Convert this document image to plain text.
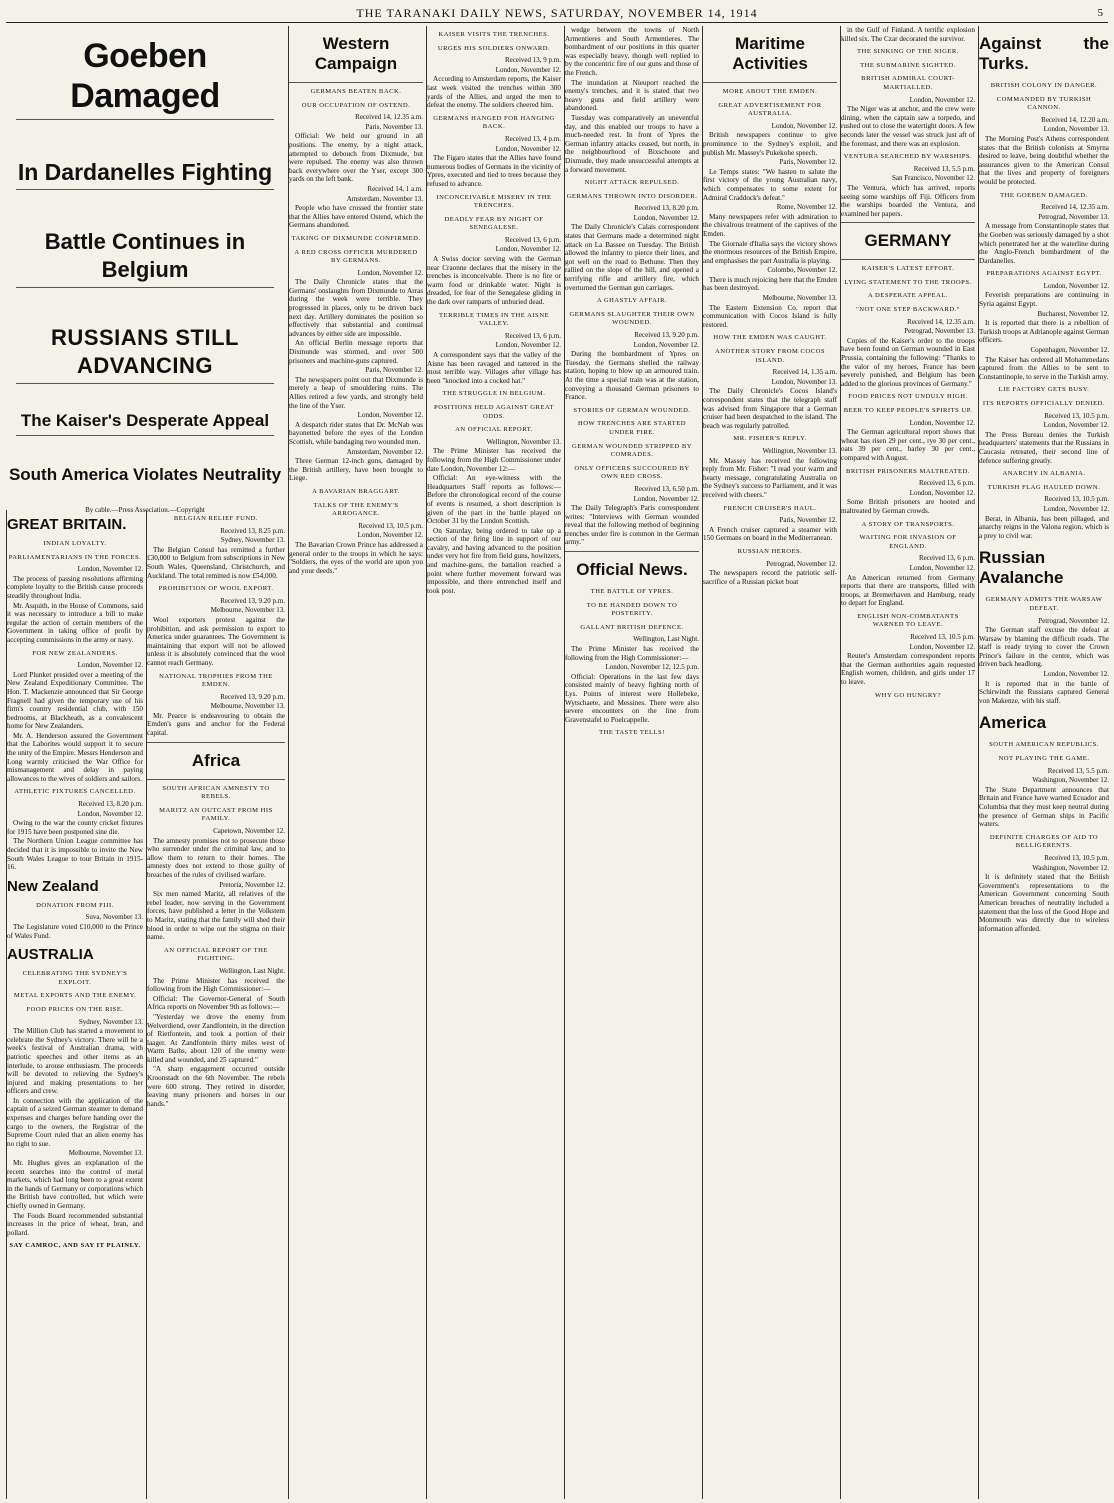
THE TARANAKI DAILY NEWS, SATURDAY, NOVEMBER 14, 1914	5
Goeben Damaged
In Dardanelles Fighting
Battle Continues in Belgium
RUSSIANS STILL ADVANCING
The Kaiser's Desperate Appeal
South America Violates Neutrality
By cable.—Press Association.—Copyright
GREAT BRITAIN.
INDIAN LOYALTY.
PARLIAMENTARIANS IN THE FORCES.

London, November 12.

The process of passing resolutions affirming complete loyalty to the British cause proceeds steadily throughout India.

Mr. Asquith, in the House of Commons, said it was necessary to introduce a bill to make regular the action of certain members of the Government in taking office of profit by accepting commissions in the army or navy.

FOR NEW ZEALANDERS.

London, November 12.

Lord Plunket presided over a meeting of the New Zealand Expeditionary Committee. The Hon. T. Mackenzie announced that Sir George Fragnell had given the temporary use of his firm's country residential club, with 150 bedrooms, at Blackheath, as a convalescent home for New Zealanders.

Mr. A. Henderson assured the Government that the Laborites would support it to secure the unity of the Empire. Messrs Henderson and Long warmly criticised the War Office for mismanagement and delay in paying allowances to the wives of soldiers and sailors.

ATHLETIC FIXTURES CANCELLED.

Received 13, 8.20 p.m.

London, November 12.

Owing to the war the county cricket fixtures for 1915 have been postponed sine die.

The Northern Union League committee has decided that it is impossible to invite the New South Wales League to tour Britain in 1915-16.

New Zealand
DONATION FROM FIJI.

Suva, November 13.

The Legislature voted £10,000 to the Prince of Wales Fund.

AUSTRALIA
CELEBRATING THE SYDNEY'S EXPLOIT.
METAL EXPORTS AND THE ENEMY.
FOOD PRICES ON THE RISE.

Sydney, November 13.

The Million Club has started a movement to celebrate the Sydney's victory. There will be a week's festival of Australian drama, with patriotic speeches and other items as an interlude, to arouse enthusiasm. The proceeds will be devoted to relieving the Sydney's injured and making presentations to her officers and crew.

In connection with the application of the captain of a seized German steamer to demand expenses and charges before handing over the cargo to the owners, the Registrar of the Supreme Court ruled that an alien enemy has no right to sue.

Melbourne, November 13.

Mr. Hughes gives an explanation of the recent searches into the control of metal markets, which had long been to a great extent in the hands of Germany or corporations which the British have controlled, but which were chiefly owned in Germany.

The Foods Board recommended substantial increases in the price of wheat, bran, and pollard.

SAY CAMROC, AND SAY IT PLAINLY.
BELGIAN RELIEF FUND.

Received 13, 8.25 p.m.

Sydney, November 13.

The Belgian Consul has remitted a further £30,000 to Belgium from subscriptions in New South Wales, Queensland, Christchurch, and Auckland. The total remitted is now £54,000.

PROHIBITION OF WOOL EXPORT.

Received 13, 9.20 p.m.

Melbourne, November 13.

Wool exporters protest against the prohibition, and ask permission to export to America under guarantees. The Government is maintaining that export will not be allowed unless it is absolutely convinced that the wool cannot reach Germany.

NATIONAL TROPHIES FROM THE EMDEN.

Received 13, 9.20 p.m.

Melbourne, November 13.

Mr. Pearce is endeavouring to obtain the Emden's guns and anchor for the Federal capital.

Africa
SOUTH AFRICAN AMNESTY TO REBELS.
MARITZ AN OUTCAST FROM HIS FAMILY.

Capetown, November 12.

The amnesty promises not to prosecute those who surrender under the criminal law, and to allow them to return to their homes. The amnesty does not extend to those guilty of breaches of the rules of civilised warfare.

Pretoria, November 12.

Six men named Maritz, all relatives of the rebel leader, now serving in the Government forces, have published a letter in the Volkstem to Maritz, stating that the family will shed their blood in order to wipe out the stigma on their name.

AN OFFICIAL REPORT OF THE FIGHTING.

Wellington, Last Night.

The Prime Minister has received the following from the High Commissioner:—

Official: The Governor-General of South Africa reports on November 9th as follows:—

"Yesterday we drove the enemy from Welverdiend, over Zandfontein, in the direction of Rietfontein, and took a portion of their laager. At Zandfontein thirty miles west of Warm Baths, about 120 of the enemy were killed and wounded, and 25 captured."

"A sharp engagement occurred outside Kroonstadt on the 6th November. The rebels were 600 strong. They retired in disorder, leaving many prisoners and horses in our hands."

Western Campaign
GERMANS BEATEN BACK.
OUR OCCUPATION OF OSTEND.

Received 14, 12.35 a.m.

Paris, November 13.

Official: We held our ground in all positions. The enemy, by a night attack, attempted to debouch from Dixmude, but were repulsed. The enemy was also thrown back everywhere over the Yser, except 300 yards on the left bank.

Received 14, 1 a.m.

Amsterdam, November 13.

People who have crossed the frontier state that the Allies have entered Ostend, which the Germans abandoned.

TAKING OF DIXMUNDE CONFIRMED.
A RED CROSS OFFICER MURDERED BY GERMANS.

London, November 12.

The Daily Chronicle states that the Germans' onslaughts from Dixmunde to Arras during the week were terrible. They progressed in places, only to be driven back next day. Artillery dominates the position so effectively that substantial and continual advances by either side are impossible.

An official Berlin message reports that Dixmunde was stormed, and over 500 prisoners and machine-guns captured.

Paris, November 12.

The newspapers point out that Dixmunde is merely a heap of smouldering ruins. The Allies retired a few yards, and strongly held the line of the Yser.

London, November 12.

A despatch rider states that Dr. McNab was bayonetted before the eyes of the London Scottish, while bandaging two wounded men.

Amsterdam, November 12.

Three German 12-inch guns, damaged by the British artillery, have been brought to Liege.

A BAVARIAN BRAGGART.
TALKS OF THE ENEMY'S ARROGANCE.

Received 13, 10.5 p.m.

London, November 12.

The Bavarian Crown Prince has addressed a general order to the troops in which he says: "Soldiers, the eyes of the world are upon you and your deeds."

KAISER VISITS THE TRENCHES.
URGES HIS SOLDIERS ONWARD.

Received 13, 9 p.m.

London, November 12.

According to Amsterdam reports, the Kaiser last week visited the trenches within 300 yards of the Allies, and urged the men to defeat the enemy. The soldiers cheered him.

GERMANS HANGED FOR HANGING BACK.

Received 13, 4 p.m.

London, November 12.

The Figaro states that the Allies have found numerous bodies of Germans in the vicinity of Ypres, executed and tied to trees because they refused to advance.

INCONCEIVABLE MISERY IN THE TRENCHES.
DEADLY FEAR BY NIGHT OF SENEGALESE.

Received 13, 6 p.m.

London, November 12.

A Swiss doctor serving with the German near Craonne declares that the misery in the trenches is inconceivable. There is no fire or warm food or drinkable water. Night is dreaded, for fear of the Senegalese gliding in the dark over ramparts of unburied dead.

TERRIBLE TIMES IN THE AISNE VALLEY.

Received 13, 6 p.m.

London, November 12.

A correspondent says that the valley of the Aisne has been ravaged and tattered in the most terrible way. Villages after village has been "knocked into a cocked hat."

THE STRUGGLE IN BELGIUM.
POSITIONS HELD AGAINST GREAT ODDS.
AN OFFICIAL REPORT.

Wellington, November 13.

The Prime Minister has received the following from the High Commissioner under date London, November 12:—

Official: An eye-witness with the Headquarters Staff reports as follows:— Before the chronological record of the course of events is resumed, a short description is given of the part in the battle played on October 31 by the London Scottish.

On Saturday, being ordered to take up a section of the firing line in support of our cavalry, and having advanced to the position under very hot fire from field guns, howitzers, and machine-guns, the battalion reached a point where further movement forward was impossible, and there entrenched itself and took post.

wedge between the towns of North Armentieres and South Armentieres. The bombardment of our positions in this quarter was especially heavy, though well replied to by the concentric fire of our guns and those of the French.

The inundation at Nieuport reached the enemy's trenches, and it is stated that two heavy guns and field artillery were abandoned.

Tuesday was comparatively an uneventful day, and this enabled our troops to have a much-needed rest. In front of Ypres the German infantry attacks ceased, but north, in the neighbourhood of Bixschoote and Dixmude, they made unsuccessful attempts at a forward movement.

NIGHT ATTACK REPULSED.
GERMANS THROWN INTO DISORDER.

Received 13, 8.20 p.m.

London, November 12.

The Daily Chronicle's Calais correspondent states that Germans made a determined night attack on La Bassee on Tuesday. The British allowed the infantry to pierce their lines, and got well on the road to Bethune. Then they rallied on the slope of the hill, and opened a terrifying rifle and artillery fire, which overturned the German gun carriages.

A GHASTLY AFFAIR.
GERMANS SLAUGHTER THEIR OWN WOUNDED.

Received 13, 9.20 p.m.

London, November 12.

During the bombardment of Ypres on Tuesday, the Germans shelled the railway station, hoping to blow up an armoured train. At the time a special train was at the station, conveying a thousand German prisoners to France.

STORIES OF GERMAN WOUNDED.
HOW TRENCHES ARE STARTED UNDER FIRE.
GERMAN WOUNDED STRIPPED BY COMRADES.
ONLY OFFICERS SUCCOURED BY OWN RED CROSS.

Received 13, 6.50 p.m.

London, November 12.

The Daily Telegraph's Paris correspondent writes: "Interviews with German wounded reveal that the following method of beginning trenches under fire is common in the German army."

Official News.
THE BATTLE OF YPRES.
TO BE HANDED DOWN TO POSTERITY.
GALLANT BRITISH DEFENCE.

Wellington, Last Night.

The Prime Minister has received the following from the High Commissioner:—

London, November 12, 12.5 p.m.

Official: Operations in the last few days consisted mainly of heavy fighting north of Lys. Points of interest were Hollebeke, Wytschaete, and Messines. There were also severe encounters on the line from Gravenstafel to Poelcappelle.

THE TASTE TELLS!
Maritime Activities
MORE ABOUT THE EMDEN.
GREAT ADVERTISEMENT FOR AUSTRALIA.

London, November 12.

British newspapers continue to give prominence to the Sydney's exploit, and publish Mr. Massey's Pukekohe speech.

Paris, November 12.

Le Temps states: "We hasten to salute the first victory of the young Australian navy, which compensates to some extent for Admiral Craddock's defeat."

Rome, November 12.

Many newspapers refer with admiration to the chivalrous treatment of the captives of the Emden.

The Giornale d'Italia says the victory shows the enormous resources of the British Empire, and emphasises the part Australia is playing.

Colombo, November 12.

There is much rejoicing here that the Emden has been destroyed.

Melbourne, November 13.

The Eastern Extension Co. report that communication with Cocos Island is fully restored.

HOW THE EMDEN WAS CAUGHT.
ANOTHER STORY FROM COCOS ISLAND.

Received 14, 1.35 a.m.

London, November 13.

The Daily Chronicle's Cocos Island's correspondent states that the telegraph staff was advised from Singapore that a German cruiser had been despatched to the island. The beach was regularly patrolled.

MR. FISHER'S REPLY.

Wellington, November 13.

Mr. Massey has received the following reply from Mr. Fisher: "I read your warm and hearty message, congratulating Australia on the Sydney's success to Parliament, and it was received with cheers."

FRENCH CRUISER'S HAUL.

Paris, November 12.

A French cruiser captured a steamer with 150 Germans on board in the Mediterranean.

RUSSIAN HEROES.

Petrograd, November 12.

The newspapers record the patriotic self-sacrifice of a Russian picket boat

in the Gulf of Finland. A terrific explosion killed six. The Czar decorated the survivor.

THE SINKING OF THE NIGER.
THE SUBMARINE SIGHTED.
BRITISH ADMIRAL COURT-MARTIALLED.

London, November 12.

The Niger was at anchor, and the crew were dining, when the captain saw a torpedo, and rushed out to close the watertight doors. A few seconds later the vessel was struck just aft of the foremast, and there was an explosion.

VENTURA SEARCHED BY WARSHIPS.

Received 13, 5.5 p.m.

San Francisco, November 12.

The Ventura, which has arrived, reports seeing some warships off Fiji. Officers from the warships boarded the Ventura, and examined her papers.

GERMANY
KAISER'S LATEST EFFORT.
LYING STATEMENT TO THE TROOPS.
A DESPERATE APPEAL.
"NOT ONE STEP BACKWARD."

Received 14, 12.35 a.m.

Petrograd, November 13.

Copies of the Kaiser's order to the troops have been found on German wounded in East Prussia, containing the following: "Thanks to the valor of my heroes, France has been severely punished, and Belgium has been added to the glorious provinces of Germany."

FOOD PRICES NOT UNDULY HIGH.
BEER TO KEEP PEOPLE'S SPIRITS UP.

London, November 12.

The German agricultural report shows that wheat has risen 29 per cent., rye 30 per cent., oats 39 per cent., barley 30 per cent., compared with August.

BRITISH PRISONERS MALTREATED.

Received 13, 6 p.m.

London, November 12.

Some British prisoners are hooted and maltreated by German crowds.

A STORY OF TRANSPORTS.
WAITING FOR INVASION OF ENGLAND.

Received 13, 6 p.m.

London, November 12.

An American returned from Germany reports that there are transports, filled with troops, at Bremerhaven and Hamburg, ready to depart for England.

ENGLISH NON-COMBATANTS WARNED TO LEAVE.

Received 13, 10.5 p.m.

London, November 12.

Reuter's Amsterdam correspondent reports that the German authorities again requested English women, children, and girls under 17 to leave.

WHY GO HUNGRY?
Against the Turks.
BRITISH COLONY IN DANGER.
COMMANDED BY TURKISH CANNON.

Received 14, 12.20 a.m.

London, November 13.

The Morning Post's Athens correspondent states that the British colonists at Smyrna desired to leave, being doubtful whether the assurances given to the American Consul that the lives and property of foreigners would be protected.

THE GOEBEN DAMAGED.

Received 14, 12.35 a.m.

Petrograd, November 13.

A message from Constantinople states that the Goeben was seriously damaged by a shot which penetrated her at the waterline during the Anglo-French bombardment of the Dardanelles.

PREPARATIONS AGAINST EGYPT.

London, November 12.

Feverish preparations are continuing in Syria against Egypt.

Bucharest, November 12.

It is reported that there is a rebellion of Turkish troops at Adrianople against German officers.

Copenhagen, November 12.

The Kaiser has ordered all Mohammedans captured from the Allies to be sent to Constantinople, to serve in the Turkish army.

LIE FACTORY GETS BUSY.
ITS REPORTS OFFICIALLY DENIED.

Received 13, 10.5 p.m.

London, November 12.

The Press Bureau denies the Turkish headquarters' statements that the Russians in Caucasia retreated, their second line of defence suffering greatly.

ANARCHY IN ALBANIA.
TURKISH FLAG HAULED DOWN.

Received 13, 10.5 p.m.

London, November 12.

Berat, in Albania, has been pillaged, and anarchy reigns in the Valona region, which is a prey to civil war.

Russian Avalanche
GERMANY ADMITS THE WARSAW DEFEAT.

Petrograd, November 12.

The German staff excuse the defeat at Warsaw by blaming the difficult roads. The staff is ready trying to cover the Crown Prince's failure in the centre, which was driven back headlong.

London, November 12.

It is reported that in the battle of Schirwindt the Russians captured General von Makenze, with his staff.

America
SOUTH AMERICAN REPUBLICS.
NOT PLAYING THE GAME.

Received 13, 5.5 p.m.

Washington, November 12.

The State Department announces that Britain and France have warned Ecuador and Columbia that they must keep neutral during the presence of German ships in Pacific waters.

DEFINITE CHARGES OF AID TO BELLIGERENTS.

Received 13, 10.5 p.m.

Washington, November 12.

It is definitely stated that the British Government's representations to the American Government concerning South American breaches of neutrality included a statement that the loss of the Good Hope and Monmouth was directly due to wireless information afforded.
